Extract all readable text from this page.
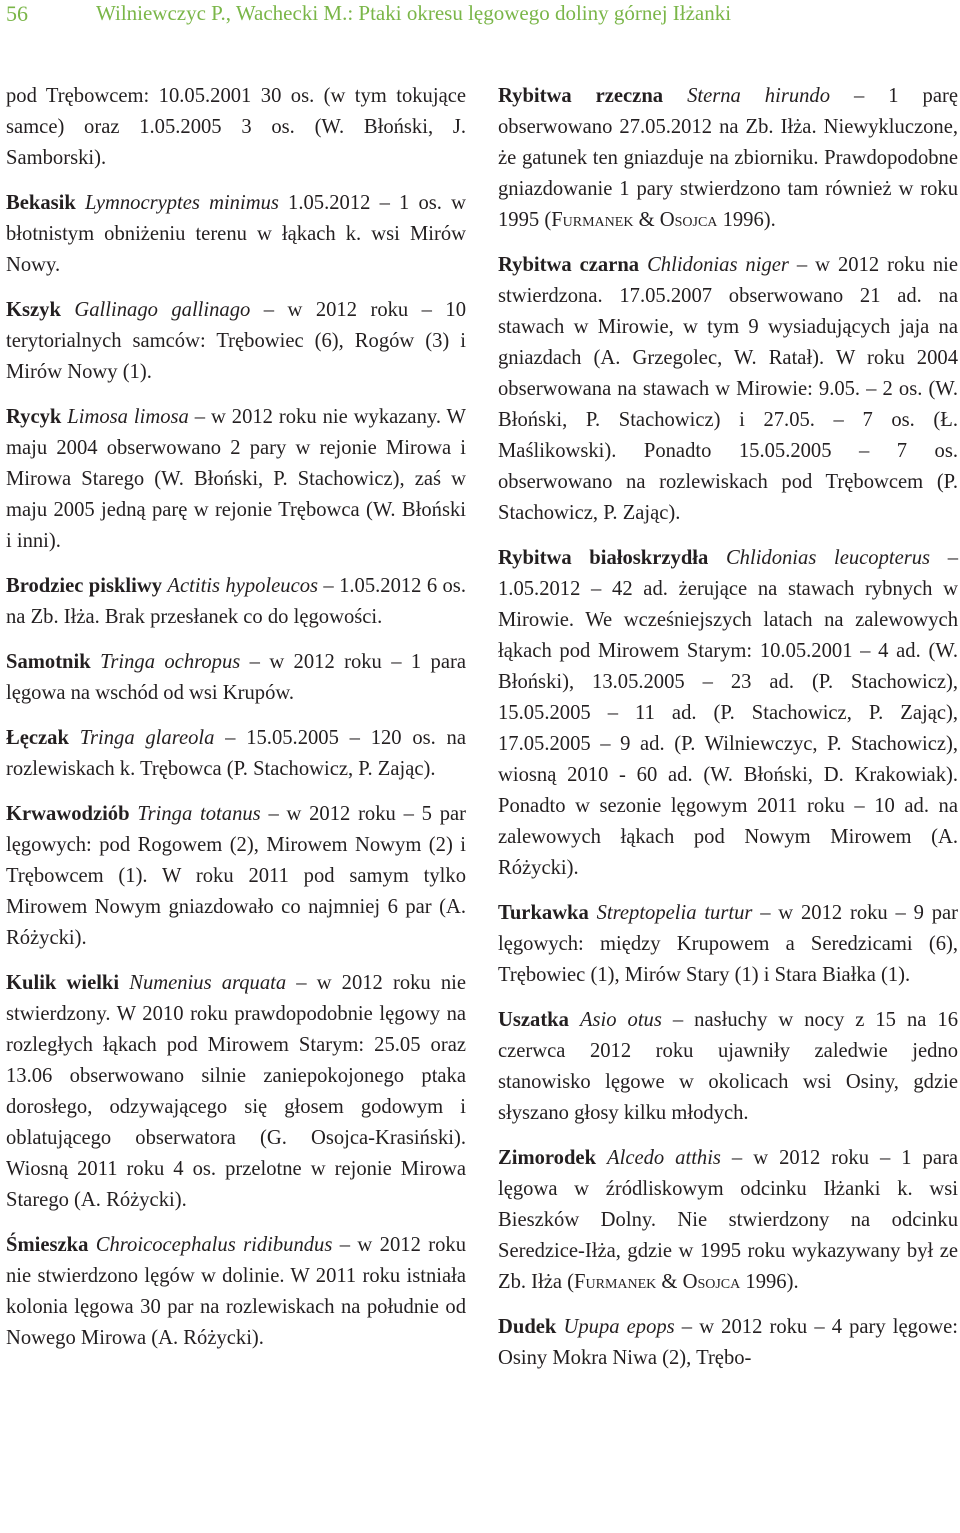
56	Wilniewczyc P., Wachecki M.: Ptaki okresu lęgowego doliny górnej Iłżanki

pod Trębowcem: 10.05.2001 30 os. (w tym tokujące samce) oraz 1.05.2005 3 os. (W. Błoński, J. Samborski).

Bekasik Lymnocryptes minimus 1.05.2012 – 1 os. w błotnistym obniżeniu terenu w łąkach k. wsi Mirów Nowy.

Kszyk Gallinago gallinago – w 2012 roku – 10 terytorialnych samców: Trębowiec (6), Rogów (3) i Mirów Nowy (1).

Rycyk Limosa limosa – w 2012 roku nie wykazany. W maju 2004 obserwowano 2 pary w rejonie Mirowa i Mirowa Starego (W. Błoński, P. Stachowicz), zaś w maju 2005 jedną parę w rejonie Trębowca (W. Błoński i inni).

Brodziec piskliwy Actitis hypoleucos – 1.05.2012 6 os. na Zb. Iłża. Brak przesłanek co do lęgowości.

Samotnik Tringa ochropus – w 2012 roku – 1 para lęgowa na wschód od wsi Krupów.

Łęczak Tringa glareola – 15.05.2005 – 120 os. na rozlewiskach k. Trębowca (P. Stachowicz, P. Zając).

Krwawodziób Tringa totanus – w 2012 roku – 5 par lęgowych: pod Rogowem (2), Mirowem Nowym (2) i Trębowcem (1). W roku 2011 pod samym tylko Mirowem Nowym gniazdowało co najmniej 6 par (A. Różycki).

Kulik wielki Numenius arquata – w 2012 roku nie stwierdzony. W 2010 roku prawdopodobnie lęgowy na rozległych łąkach pod Mirowem Starym: 25.05 oraz 13.06 obserwowano silnie zaniepokojonego ptaka dorosłego, odzywającego się głosem godowym i oblatującego obserwatora (G. Osojca-Krasiński). Wiosną 2011 roku 4 os. przelotne w rejonie Mirowa Starego (A. Różycki).

Śmieszka Chroicocephalus ridibundus – w 2012 roku nie stwierdzono lęgów w dolinie. W 2011 roku istniała kolonia lęgowa 30 par na rozlewiskach na południe od Nowego Mirowa (A. Różycki).

Rybitwa rzeczna Sterna hirundo – 1 parę obserwowano 27.05.2012 na Zb. Iłża. Niewykluczone, że gatunek ten gniazduje na zbiorniku. Prawdopodobne gniazdowanie 1 pary stwierdzono tam również w roku 1995 (Furmanek & Osojca 1996).

Rybitwa czarna Chlidonias niger – w 2012 roku nie stwierdzona. 17.05.2007 obserwowano 21 ad. na stawach w Mirowie, w tym 9 wysiadujących jaja na gniazdach (A. Grzegolec, W. Ratał). W roku 2004 obserwowana na stawach w Mirowie: 9.05. – 2 os. (W. Błoński, P. Stachowicz) i 27.05. – 7 os. (Ł. Maślikowski). Ponadto 15.05.2005 – 7 os. obserwowano na rozlewiskach pod Trębowcem (P. Stachowicz, P. Zając).

Rybitwa białoskrzydła Chlidonias leucopterus – 1.05.2012 – 42 ad. żerujące na stawach rybnych w Mirowie. We wcześniejszych latach na zalewowych łąkach pod Mirowem Starym: 10.05.2001 – 4 ad. (W. Błoński), 13.05.2005 – 23 ad. (P. Stachowicz), 15.05.2005 – 11 ad. (P. Stachowicz, P. Zając), 17.05.2005 – 9 ad. (P. Wilniewczyc, P. Stachowicz), wiosną 2010 - 60 ad. (W. Błoński, D. Krakowiak). Ponadto w sezonie lęgowym 2011 roku – 10 ad. na zalewowych łąkach pod Nowym Mirowem (A. Różycki).

Turkawka Streptopelia turtur – w 2012 roku – 9 par lęgowych: między Krupowem a Seredzicami (6), Trębowiec (1), Mirów Stary (1) i Stara Białka (1).

Uszatka Asio otus – nasłuchy w nocy z 15 na 16 czerwca 2012 roku ujawniły zaledwie jedno stanowisko lęgowe w okolicach wsi Osiny, gdzie słyszano głosy kilku młodych.

Zimorodek Alcedo atthis – w 2012 roku – 1 para lęgowa w źródliskowym odcinku Iłżanki k. wsi Bieszków Dolny. Nie stwierdzony na odcinku Seredzice-Iłża, gdzie w 1995 roku wykazywany był ze Zb. Iłża (Furmanek & Osojca 1996).

Dudek Upupa epops – w 2012 roku – 4 pary lęgowe: Osiny Mokra Niwa (2), Trębo-
